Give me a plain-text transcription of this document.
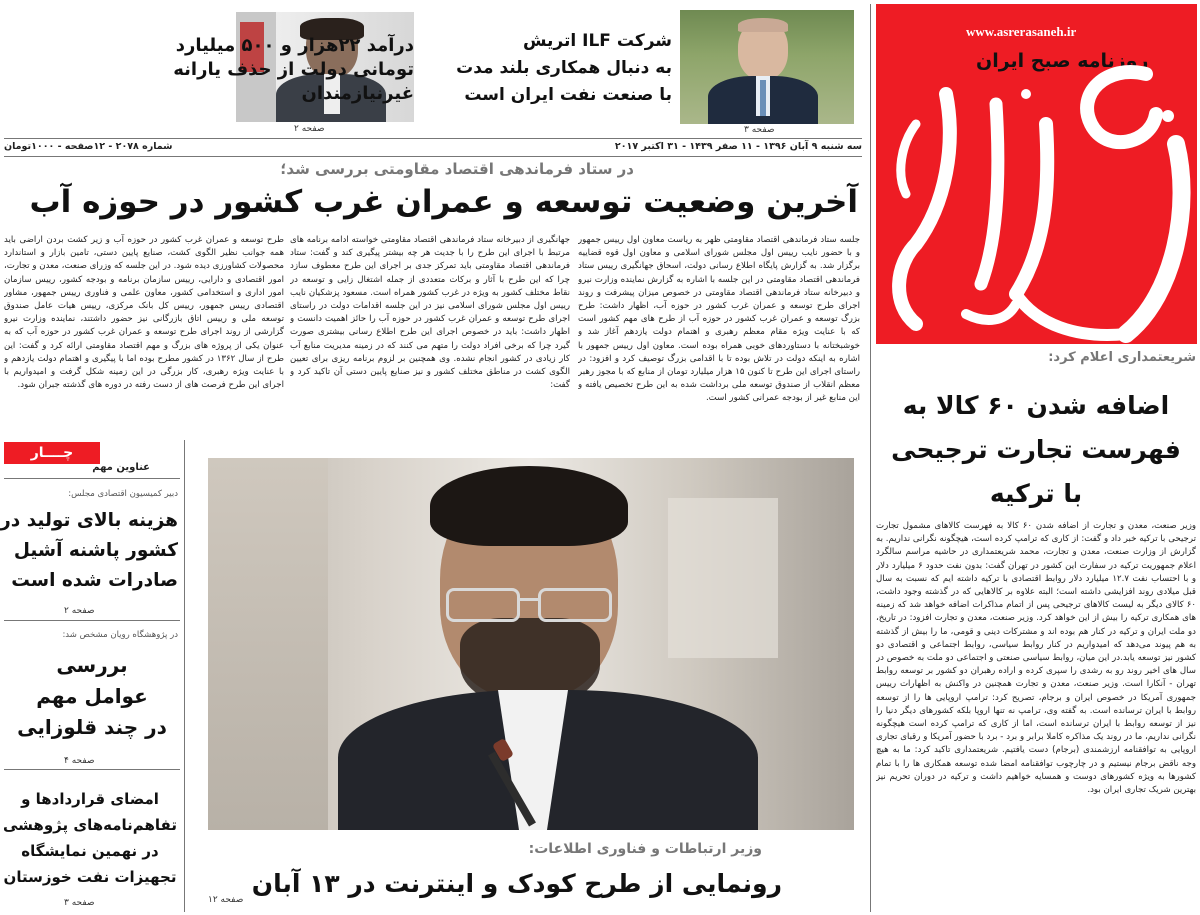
www.asrerasaneh.ir
روزنامه صبح ایران
درآمد ۲۲هزار و ۵۰۰ میلیارد
تومانی دولت از حذف یارانه
غیرنیازمندان
صفحه ۲
شرکت ILF اتریش
به دنبال همکاری بلند مدت
با صنعت نفت ایران است
صفحه ۳
سه شنبه ۹ آبان ۱۳۹۶ - ۱۱ صفر ۱۴۳۹ - ۳۱ اکتبر ۲۰۱۷
شماره ۲۰۷۸ - ۱۲صفحه - ۱۰۰۰تومان
در ستاد فرماندهی اقتصاد مقاومتی بررسی شد؛
آخرین وضعیت توسعه و عمران غرب کشور در حوزه آب
جلسه ستاد فرماندهی اقتصاد مقاومتی ظهر به ریاست معاون اول رییس جمهور و با حضور نایب رییس اول مجلس شورای اسلامی و معاون اول قوه قضاییه برگزار شد. به گزارش پایگاه اطلاع رسانی دولت، اسحاق جهانگیری رییس ستاد فرماندهی اقتصاد مقاومتی در این جلسه با اشاره به گزارش نماینده وزارت نیرو و دبیرخانه ستاد فرماندهی اقتصاد مقاومتی در خصوص میزان پیشرفت و روند اجرای طرح توسعه و عمران غرب کشور در حوزه آب، اظهار داشت: طرح بزرگ توسعه و عمران غرب کشور در حوزه آب از طرح های مهم کشور است که با عنایت ویژه مقام معظم رهبری و اهتمام دولت یازدهم آغاز شد و خوشبختانه با دستاوردهای خوبی همراه بوده است. معاون اول رییس جمهور با اشاره به اینکه دولت در تلاش بوده تا با اقدامی بزرگ توصیف کرد و افزود: در راستای اجرای این طرح تا کنون ۱۵ هزار میلیارد تومان از منابع که با مجوز رهبر معظم انقلاب از صندوق توسعه ملی برداشت شده به این طرح تخصیص یافته و این منابع غیر از بودجه عمرانی کشور است.
جهانگیری از دبیرخانه ستاد فرماندهی اقتصاد مقاومتی خواسته ادامه برنامه های مرتبط با اجرای این طرح را با جدیت هر چه بیشتر پیگیری کند و گفت: ستاد فرماندهی اقتصاد مقاومتی باید تمرکز جدی بر اجرای این طرح معطوف سازد چرا که این طرح با آثار و برکات متعددی از جمله اشتغال زایی و توسعه در نقاط مختلف کشور به ویژه در غرب کشور همراه است. مسعود پزشکیان نایب رییس اول مجلس شورای اسلامی نیز در این جلسه اقدامات دولت در راستای اجرای طرح توسعه و عمران غرب کشور در حوزه آب را حائز اهمیت دانست و اظهار داشت: باید در خصوص اجرای این طرح اطلاع رسانی بیشتری صورت گیرد چرا که برخی افراد دولت را متهم می کنند که در زمینه مدیریت منابع آب کار زیادی در کشور انجام نشده. وی همچنین بر لزوم برنامه ریزی برای تعیین الگوی کشت در مناطق مختلف کشور و نیز صنایع پایین دستی آن تاکید کرد و گفت:
طرح توسعه و عمران غرب کشور در حوزه آب و زیر کشت بردن اراضی باید همه جوانب نظیر الگوی کشت، صنایع پایین دستی، تامین بازار و استاندارد محصولات کشاورزی دیده شود. در این جلسه که وزرای صنعت، معدن و تجارت، امور اقتصادی و دارایی، رییس سازمان برنامه و بودجه کشور، رییس سازمان امور اداری و استخدامی کشور، معاون علمی و فناوری رییس جمهور، مشاور اقتصادی رییس جمهور، رییس کل بانک مرکزی، رییس هیات عامل صندوق توسعه ملی و رییس اتاق بازرگانی نیز حضور داشتند، نماینده وزارت نیرو گزارشی از روند اجرای طرح توسعه و عمران غرب کشور در حوزه آب که به عنوان یکی از پروژه های بزرگ و مهم اقتصاد مقاومتی ارائه کرد و گفت: این طرح از سال ۱۳۶۲ در کشور مطرح بوده اما با پیگیری و اهتمام دولت یازدهم و با عنایت ویژه رهبری، کار بزرگی در این زمینه شکل گرفت و امیدواریم با اجرای این طرح فرصت های از دست رفته در دوره های گذشته جبران شود.
چــــار
عناوین مهم
دبیر کمیسیون اقتصادی مجلس:
هزینه بالای تولید در
کشور پاشنه آشیل
صادرات شده است
صفحه ۲
در پژوهشگاه رویان مشخص شد:
بررسی
عوامل مهم
در چند قلوزایی
صفحه ۴
امضای قراردادها و
تفاهم‌نامه‌های پژوهشی
در نهمین نمایشگاه
تجهیزات نفت خوزستان
صفحه ۳
وزیر ارتباطات و فناوری اطلاعات:
رونمایی از طرح کودک و اینترنت در ۱۳ آبان
صفحه ۱۲
شریعتمداری اعلام کرد:
اضافه شدن ۶۰ کالا به
فهرست تجارت ترجیحی
با ترکیه
وزیر صنعت، معدن و تجارت از اضافه شدن ۶۰ کالا به فهرست کالاهای مشمول تجارت ترجیحی با ترکیه خبر داد و گفت: از کاری که ترامپ کرده است، هیچگونه نگرانی نداریم. به گزارش از وزارت صنعت، معدن و تجارت، محمد شریعتمداری در حاشیه مراسم سالگرد اعلام جمهوریت ترکیه در سفارت این کشور در تهران گفت: بدون نفت حدود ۶ میلیارد دلار و با احتساب نفت ۱۲.۷ میلیارد دلار روابط اقتصادی با ترکیه داشته ایم که نسبت به سال قبل میلادی روند افزایشی داشته است؛ البته علاوه بر کالاهایی که در گذشته وجود داشت، ۶۰ کالای دیگر به لیست کالاهای ترجیحی پس از اتمام مذاکرات اضافه خواهد شد که زمینه های همکاری ترکیه را بیش از این خواهد کرد. وزیر صنعت، معدن و تجارت افزود: در تاریخ، دو ملت ایران و ترکیه در کنار هم بوده اند و مشترکات دینی و قومی، ما را بیش از گذشته به هم پیوند می‌دهد که امیدواریم در کنار روابط سیاسی، روابط اجتماعی و اقتصادی دو کشور نیز توسعه یابد.در این میان، روابط سیاسی صنعتی و اجتماعی دو ملت به خصوص در سال های اخیر روند رو به رشدی را سپری کرده و اراده رهبران دو کشور بر توسعه روابط تهران - آنکارا است. وزیر صنعت، معدن و تجارت همچنین در واکنش به اظهارات رییس جمهوری آمریکا در خصوص ایران و برجام، تصریح کرد: ترامپ اروپایی ها را از توسعه روابط با ایران ترسانده است. به گفته وی، ترامپ نه تنها اروپا بلکه کشورهای دیگر دنیا را نیز از توسعه روابط با ایران ترسانده است، اما از کاری که ترامپ کرده است هیچگونه نگرانی نداریم، ما در روند یک مذاکره کاملا برابر و برد - برد با حضور آمریکا و رقبای تجاری اروپایی به توافقنامه ارزشمندی (برجام) دست یافتیم. شریعتمداری تاکید کرد: ما به هیچ وجه ناقض برجام نیستیم و در چارچوب توافقنامه امضا شده توسعه همکاری ها را با تمام کشورها به ویژه کشورهای دوست و همسایه خواهیم داشت و ترکیه در دوران تحریم نیز بهترین شریک تجاری ایران بود.
